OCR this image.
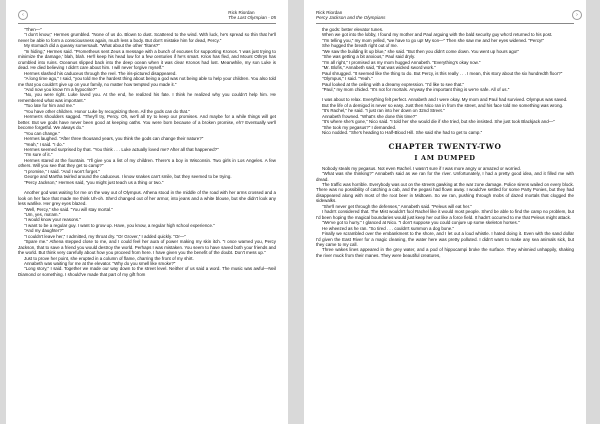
‹	Rick Riordan
The Last Olympian - 05

"Then—"

"I don't know," Hermes grumbled. "None of us do. Blown to dust. Scattered to the wind. With luck, he's spread so thin that he'll never be able to form a consciousness again, much less a body. But don't mistake him for dead, Percy."

My stomach did a queasy somersault. "What about the other Titans?"

"In hiding," Hermes said. "Prometheus sent Zeus a message with a bunch of excuses for supporting Kronos. 'I was just trying to minimize the damage,' blah, blah. He'll keep his head low for a few centuries if he's smart. Krios has fled, and Mount Othrys has crumbled into ruins. Oceanus slipped back into the deep ocean when it was clear Kronos had lost. Meanwhile, my son Luke is dead. He died believing I didn't care about him. I will never forgive myself."

Hermes slashed his caduceus through the reel. The iris-pictured disappeared.

"A long time ago," I said, "you told me the hardest thing about being a god was not being able to help your children. You also told me that you couldn't give up on your family, no matter how tempted you made it."

"And now you know I'm a hypocrite?"

"No, you were right. Luke loved you. At the end, he realized his fate. I think he realized why you couldn't help him. He remembered what was important."

"Too late for him and me."

"You have other children. Honor Luke by recognizing them. All the gods can do that."

Hermes's shoulders sagged. "They'll try, Percy. Oh, we'll all try to keep our promises. And maybe for a while things will get better. But we gods have never been good at keeping oaths. You were born because of a broken promise, eh? Eventually we'll become forgetful. We always do."

"You can change."

Hermes laughed. "After three thousand years, you think the gods can change their nature?"

"Yeah," I said. "I do."

Hermes seemed surprised by that. "You think . . . Luke actually loved me? After all that happened?"

"I'm sure of it."

Hermes stared at the fountain. "I'll give you a list of my children. There's a boy in Wisconsin. Two girls in Los Angeles. A few others. Will you see that they get to camp?"

"I promise," I said. "And I won't forget."

George and Martha twirled around the caduceus. I know snakes can't smile, but they seemed to be trying.

"Percy Jackson," Hermes said, "you might just teach us a thing or two."

Another god was waiting for me on the way out of Olympus. Athena stood in the middle of the road with her arms crossed and a look on her face that made me think Uh-oh. She'd changed out of her armor, into jeans and a white blouse, but she didn't look any less warlike. Her grey eyes blazed.

"Well, Percy," she said. "You will stay mortal."

"Um, yes, ma'am."

"I would know your reasons."

"I want to be a regular guy. I want to grow up. Have, you know, a regular high school experience."

"And my daughter?"

"I couldn't leave her," I admitted, my throat dry. "Or Grover," I added quickly. "Or—"

"Spare me." Athena stepped close to me, and I could feel her aura of power making my skin itch. "I once warned you, Percy Jackson, that to save a friend you would destroy the world. Perhaps I was mistaken. You seem to have saved both your friends and the world. But think very carefully about how you proceed from here. I have given you the benefit of the doubt. Don't mess up."

Just to prove her point, she erupted in a column of flame, charring the front of my shirt.

Annabeth was waiting for me at the elevator. "Why do you smell like smoke?"

"Long story," I said. Together we made our way down to the street level. Neither of us said a word. The music was awful—Neil Diamond or something. I should've made that part of my gift from

Rick Riordan
Percy Jackson and the Olympians	›

the gods: better elevator tunes.

When we got into the lobby, I found my mother and Paul arguing with the bald security guy who'd returned to his post.

"I'm telling you," my mom yelled, "we have to go up! My son—" Then she saw me and her eyes widened. "Percy!"

She hugged the breath right out of me.

"We saw the building lit up blue," she said. "But then you didn't come down. You went up hours ago!"

"She was getting a bit anxious," Paul said dryly.

"I'm all right," I promised as my mom hugged Annabeth. "Everything's okay now."

"Mr. Blofis," Annabeth said, "that was wicked sword work."

Paul shrugged. "It seemed like the thing to do. But Percy, is this really . . . I mean, this story about the six hundredth floor?"

"Olympus," I said. "Yeah."

Paul looked at the ceiling with a dreamy expression. "I'd like to see that."

"Paul," my mom chided. "It's not for mortals. Anyway the important thing is we're safe. All of us."

I was about to relax. Everything felt perfect. Annabeth and I were okay. My mom and Paul had survived. Olympus was saved.

But the life of a demigod is never so easy. Just then Nico ran in from the street, and his face told me something was wrong.

"It's Rachel," he said. "I just ran into her down on 32nd Street."

Annabeth frowned. "What's she done this time?"

"It's where she's gone," Nico said. "I told her she would die if she tried, but she insisted. She just took Blackjack and—"

"She took my pegasus?" I demanded.

Nico nodded. "She's heading to Half-Blood Hill. She said she had to get to camp."

CHAPTER TWENTY-TWO
I AM DUMPED

Nobody steals my pegasus. Not even Rachel. I wasn't sure if I was more angry or amazed or worried.

"What was she thinking?" Annabeth said as we ran for the river. Unfortunately, I had a pretty good idea, and it filled me with dread.

The traffic was horrible. Everybody was out on the streets gawking at the war zone damage. Police sirens wailed on every block. There was no possibility of catching a cab, and the pegasi had flown away. I would've settled for some Party Ponies, but they had disappeared along with most of the root beer in Midtown. So we ran, pushing through mobs of dazed mortals that clogged the sidewalks.

"She'll never get through the defenses," Annabeth said. "Peleus will eat her."

I hadn't considered that. The Mist wouldn't fool Rachel like it would most people. She'd be able to find the camp no problem, but I'd been hoping the magical boundaries would just keep her out like a force field. It hadn't occurred to me that Peleus might attack.

"We've got to hurry." I glanced at Nico. "I don't suppose you could conjure up some skeleton horses."

He wheezed as he ran. "So tired . . . couldn't summon a dog bone."

Finally we scrambled over the embankment to the shore, and I let out a loud whistle. I hated doing it. Even with the sand dollar I'd given the East River for a magic cleaning, the water here was pretty polluted. I didn't want to make any sea animals sick, but they came to my call.

Three wakes lines appeared in the grey water, and a pod of hippocampi broke the surface. They whinnied unhappily, shaking the river muck from their manes. They were beautiful creatures,
